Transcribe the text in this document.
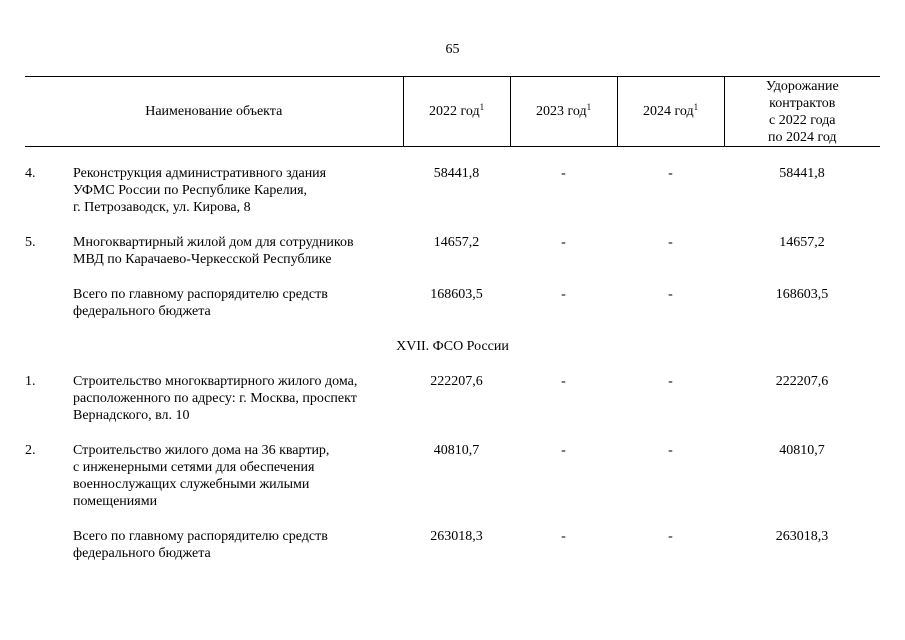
65
Наименование объекта		2022 год$^1$	2023 год$^1$	2024 год$^1$	Удорожание
контрактов
с 2022 года
по 2024 год

4.	Реконструкция административного здания
УФМС России по Республике Карелия,
г. Петрозаводск, ул. Кирова, 8	58441,8	-	-	58441,8

5.	Многоквартирный жилой дом для сотрудников
МВД по Карачаево-Черкесской Республике	14657,2	-	-	14657,2

	Всего по главному распорядителю средств
федерального бюджета	168603,5	-	-	168603,5

XVII. ФСО России					

1.	Строительство многоквартирного жилого дома,
расположенного по адресу: г. Москва, проспект
Вернадского, вл. 10	222207,6	-	-	222207,6

2.	Строительство жилого дома на 36 квартир,
с инженерными сетями для обеспечения
военнослужащих служебными жилыми
помещениями	40810,7	-	-	40810,7

	Всего по главному распорядителю средств
федерального бюджета	263018,3	-	-	263018,3
